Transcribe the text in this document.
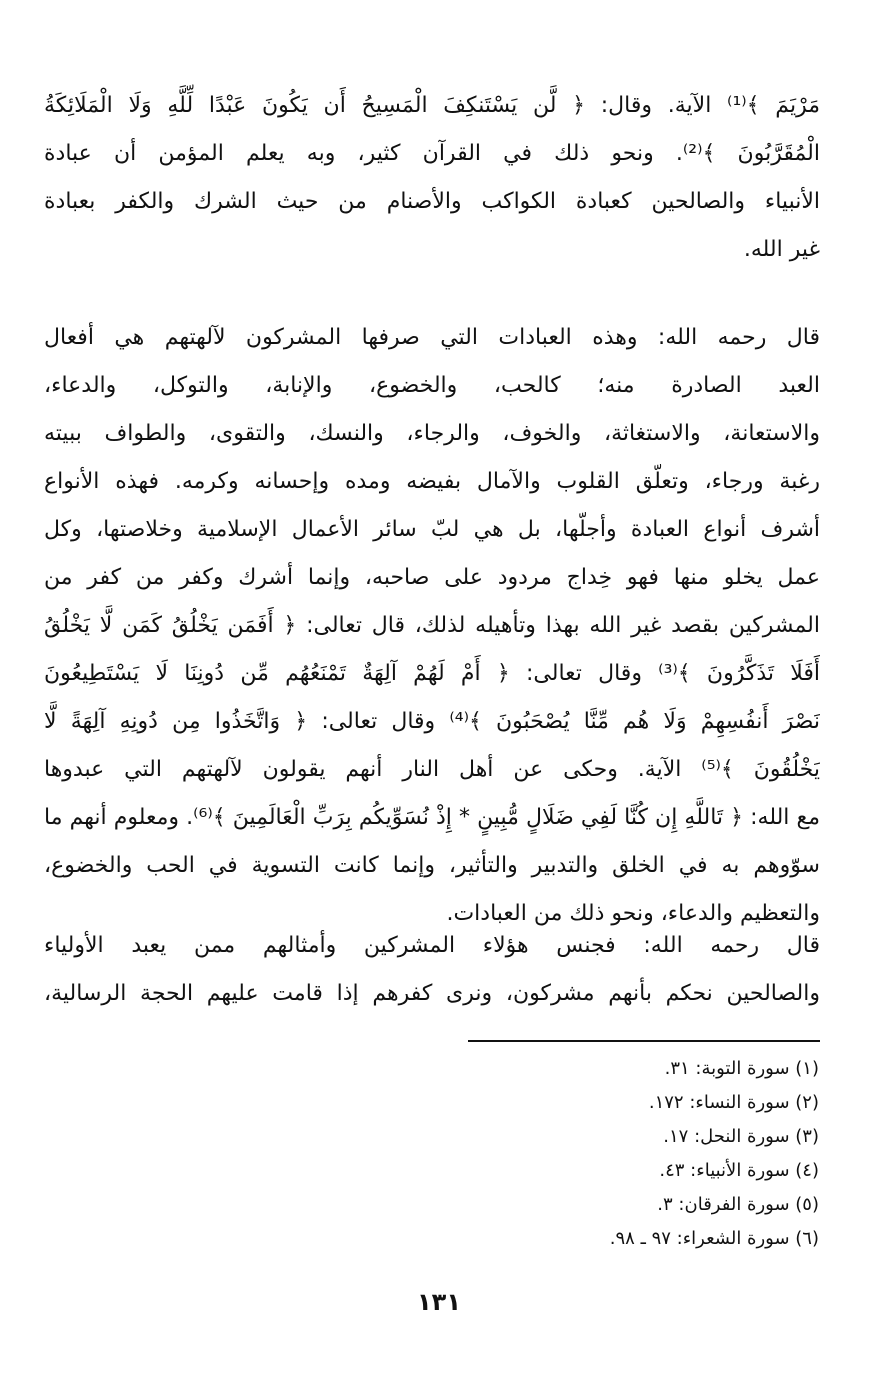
مَرْيَمَ ﴾⁽¹⁾ الآية. وقال: ﴿ لَّن يَسْتَنكِفَ الْمَسِيحُ أَن يَكُونَ عَبْدًا لِّلَّهِ وَلَا الْمَلَائِكَةُ
الْمُقَرَّبُونَ ﴾⁽²⁾. ونحو ذلك في القرآن كثير، وبه يعلم المؤمن أن عبادة
الأنبياء والصالحين كعبادة الكواكب والأصنام من حيث الشرك والكفر بعبادة
غير الله.
قال رحمه الله: وهذه العبادات التي صرفها المشركون لآلهتهم هي أفعال
العبد الصادرة منه؛ كالحب، والخضوع، والإنابة، والتوكل، والدعاء،
والاستعانة، والاستغاثة، والخوف، والرجاء، والنسك، والتقوى، والطواف ببيته
رغبة ورجاء، وتعلّق القلوب والآمال بفيضه ومده وإحسانه وكرمه. فهذه الأنواع
أشرف أنواع العبادة وأجلّها، بل هي لبّ سائر الأعمال الإسلامية وخلاصتها، وكل
عمل يخلو منها فهو خِداج مردود على صاحبه، وإنما أشرك وكفر من كفر من
المشركين بقصد غير الله بهذا وتأهيله لذلك، قال تعالى: ﴿ أَفَمَن يَخْلُقُ كَمَن لَّا يَخْلُقُ
أَفَلَا تَذَكَّرُونَ ﴾⁽³⁾ وقال تعالى: ﴿ أَمْ لَهُمْ آلِهَةٌ تَمْنَعُهُم مِّن دُونِنَا لَا يَسْتَطِيعُونَ
نَصْرَ أَنفُسِهِمْ وَلَا هُم مِّنَّا يُصْحَبُونَ ﴾⁽⁴⁾ وقال تعالى: ﴿ وَاتَّخَذُوا مِن دُونِهِ آلِهَةً لَّا
يَخْلُقُونَ ﴾⁽⁵⁾ الآية. وحكى عن أهل النار أنهم يقولون لآلهتهم التي عبدوها
مع الله: ﴿ تَاللَّهِ إِن كُنَّا لَفِي ضَلَالٍ مُّبِينٍ * إِذْ نُسَوِّيكُم بِرَبِّ الْعَالَمِينَ ﴾⁽⁶⁾. ومعلوم أنهم ما
سوّوهم به في الخلق والتدبير والتأثير، وإنما كانت التسوية في الحب والخضوع،
والتعظيم والدعاء، ونحو ذلك من العبادات.
قال رحمه الله: فجنس هؤلاء المشركين وأمثالهم ممن يعبد الأولياء
والصالحين نحكم بأنهم مشركون، ونرى كفرهم إذا قامت عليهم الحجة الرسالية،
(١) سورة التوبة: ٣١.
(٢) سورة النساء: ١٧٢.
(٣) سورة النحل: ١٧.
(٤) سورة الأنبياء: ٤٣.
(٥) سورة الفرقان: ٣.
(٦) سورة الشعراء: ٩٧ ـ ٩٨.
١٣١
